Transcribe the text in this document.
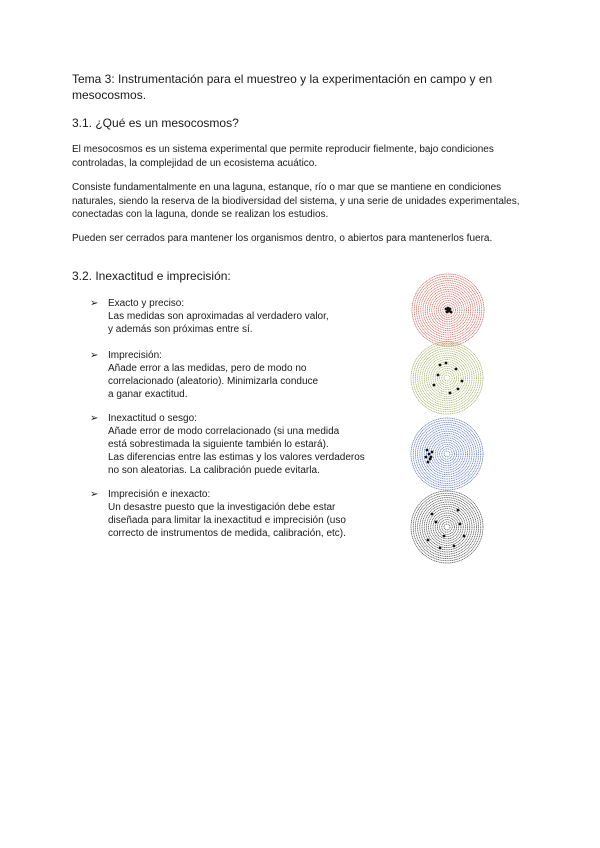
Tema 3: Instrumentación para el muestreo y la experimentación en campo y en mesocosmos.
3.1. ¿Qué es un mesocosmos?

El mesocosmos es un sistema experimental que permite reproducir fielmente, bajo condiciones controladas, la complejidad de un ecosistema acuático.

Consiste fundamentalmente en una laguna, estanque, río o mar que se mantiene en condiciones naturales, siendo la reserva de la biodiversidad del sistema, y una serie de unidades experimentales, conectadas con la laguna, donde se realizan los estudios.

Pueden ser cerrados para mantener los organismos dentro, o abiertos para mantenerlos fuera.

3.2. Inexactitud e imprecisión:
➢ Exacto y preciso:
Las medidas son aproximadas al verdadero valor,
y además son próximas entre sí.
➢ Imprecisión:
Añade error a las medidas, pero de modo no
correlacionado (aleatorio). Minimizarla conduce
a ganar exactitud.
➢ Inexactitud o sesgo:
Añade error de modo correlacionado (si una medida
está sobrestimada la siguiente también lo estará).
Las diferencias entre las estimas y los valores verdaderos
no son aleatorias. La calibración puede evitarla.
➢ Imprecisión e inexacto:
Un desastre puesto que la investigación debe estar
diseñada para limitar la inexactitud e imprecisión (uso
correcto de instrumentos de medida, calibración, etc).
